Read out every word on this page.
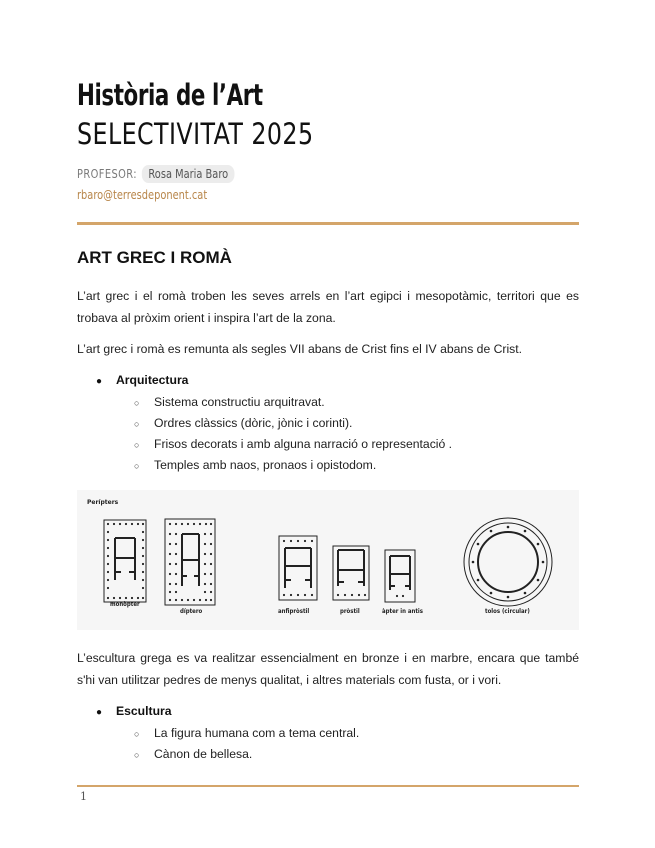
Història de l’Art
SELECTIVITAT 2025
PROFESOR: Rosa Maria Baro
rbaro@terresdeponent.cat
ART GREC I ROMÀ
L’art grec i el romà troben les seves arrels en l’art egipci i mesopotàmic, territori que es trobava al pròxim orient i inspira l’art de la zona.
L’art grec i romà es remunta als segles VII abans de Crist fins el IV abans de Crist.
● Arquitectura
○ Sistema constructiu arquitravat.
○ Ordres clàssics (dòric, jònic i corinti).
○ Frisos decorats i amb alguna narració o representació .
○ Temples amb naos, pronaos i opistodom.
Perípters
monòpter
díptero	anfipròstil	pròstil	àpter in antis	tolos (circular)
L’escultura grega es va realitzar essencialment en bronze i en marbre, encara que també s'hi van utilitzar pedres de menys qualitat, i altres materials com fusta, or i vori.
● Escultura
○ La figura humana com a tema central.
○ Cànon de bellesa.
1
